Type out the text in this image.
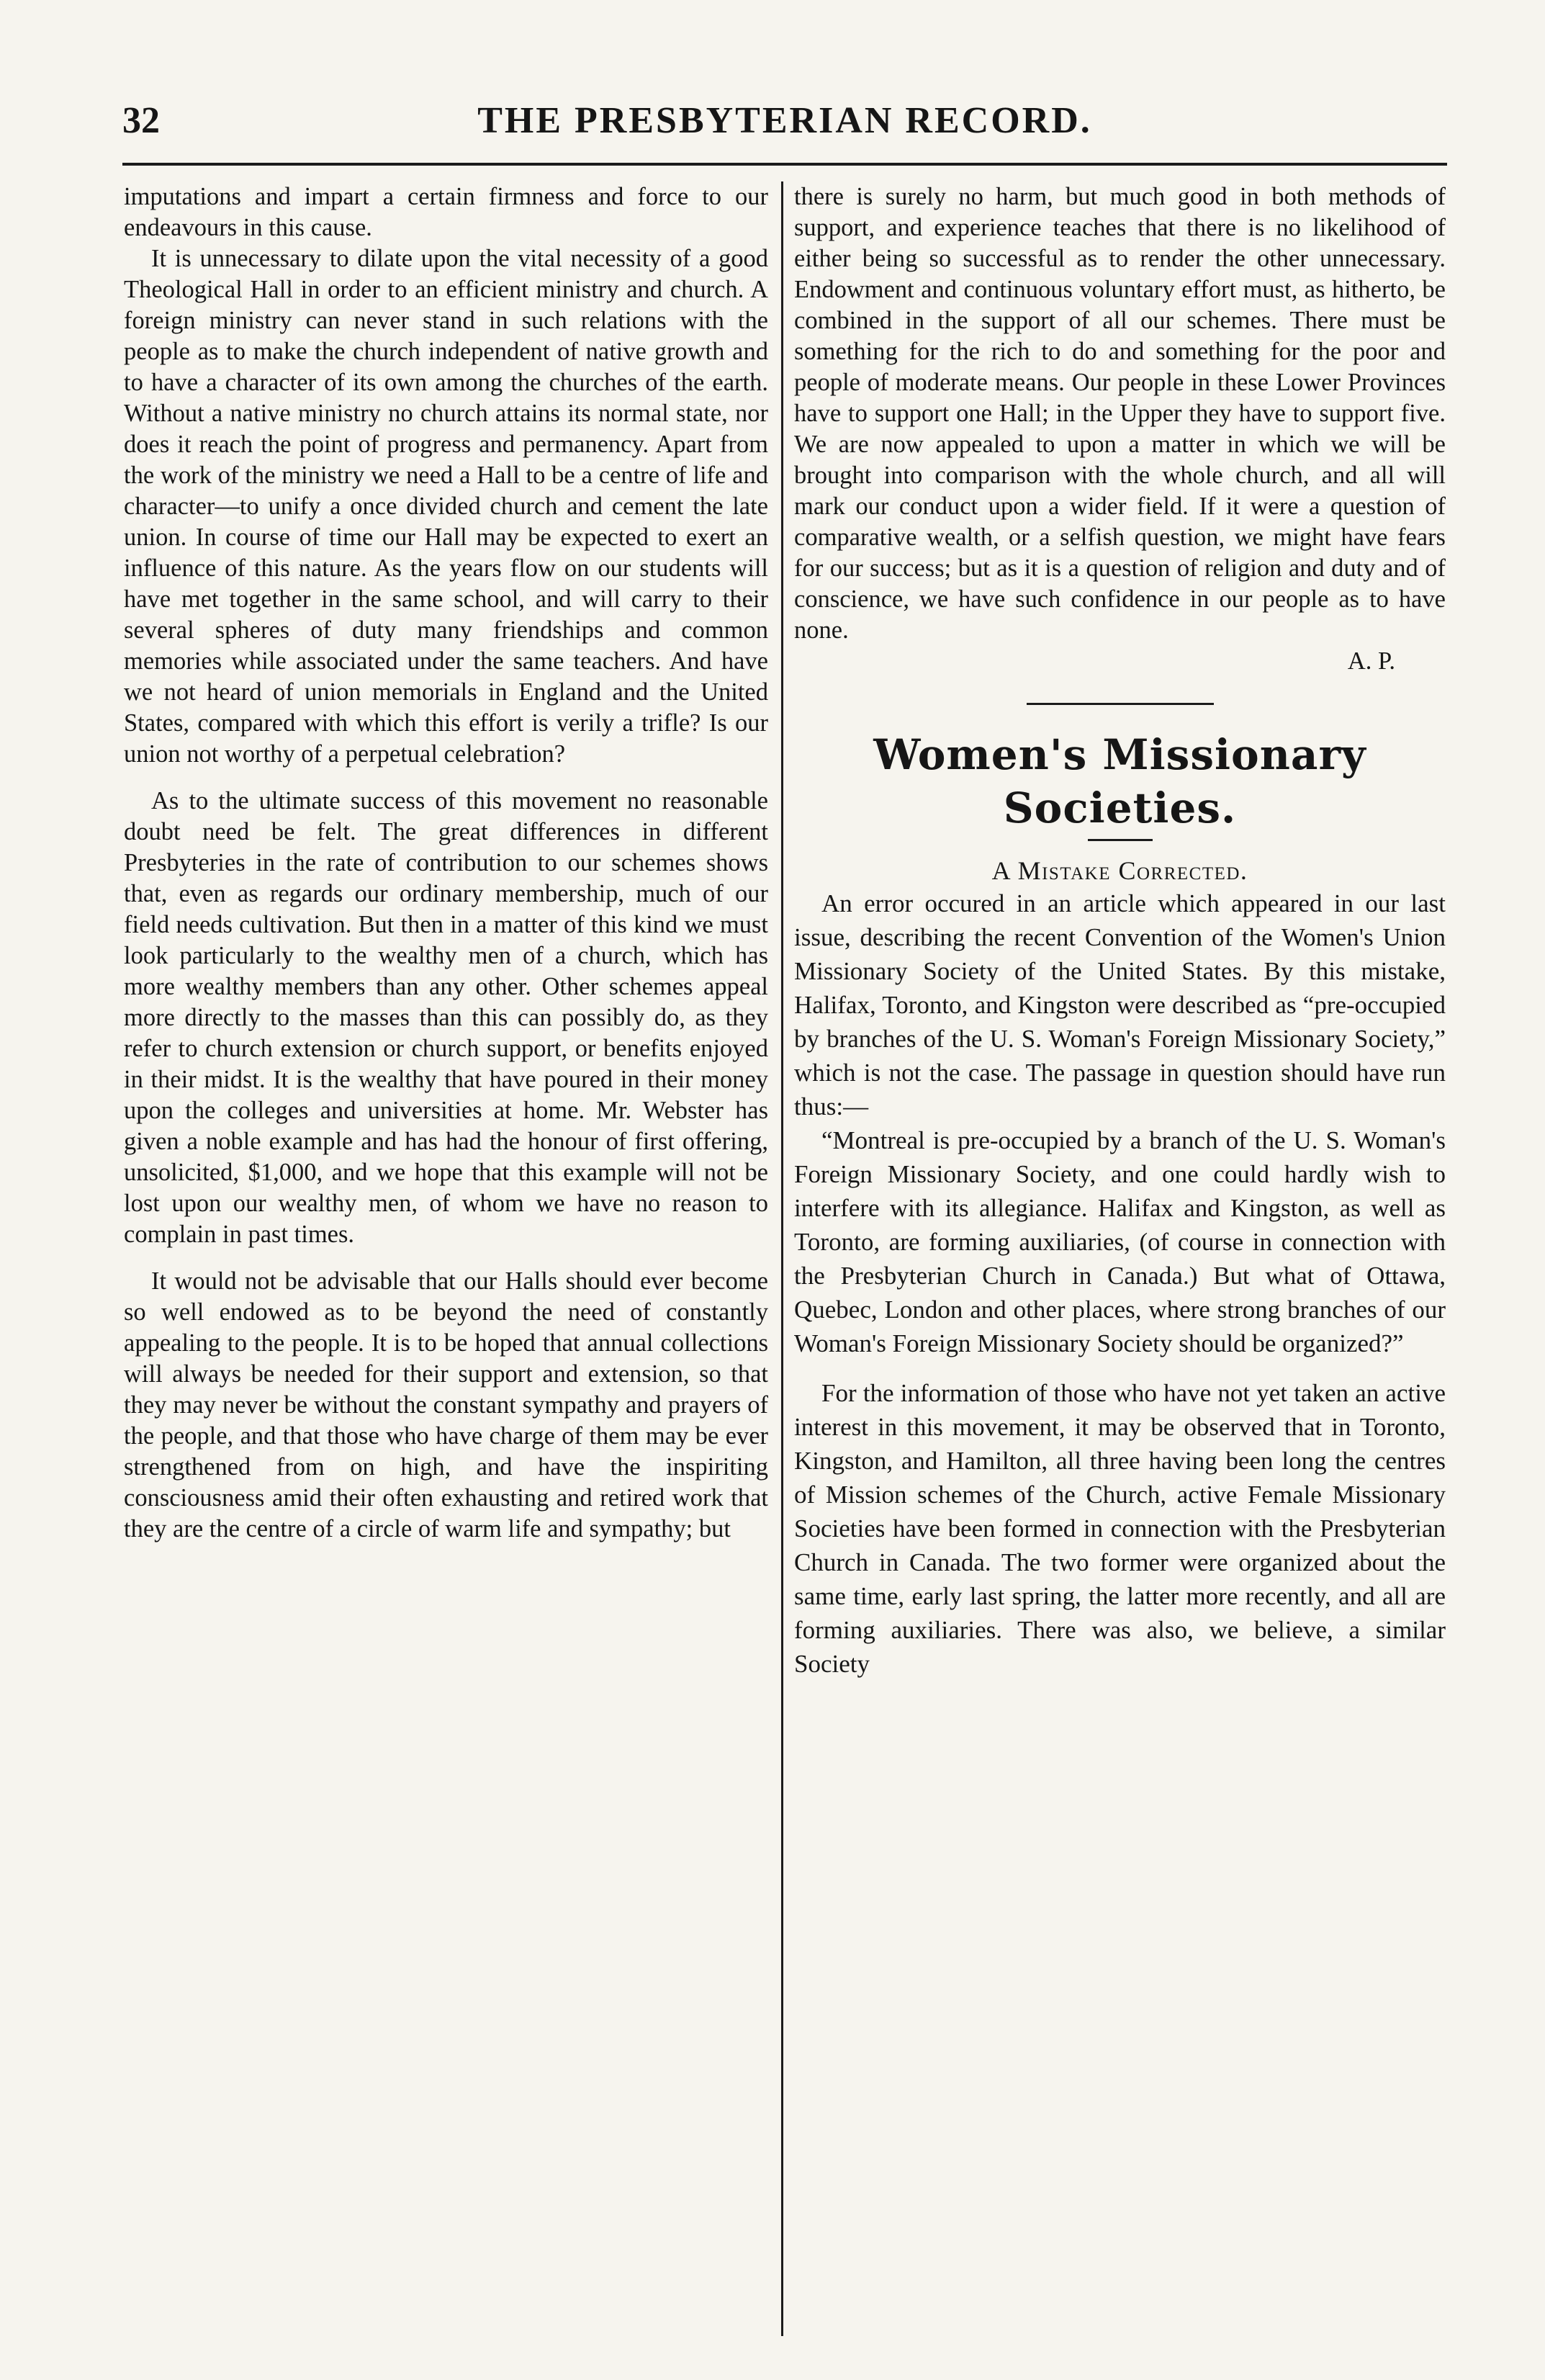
32	THE PRESBYTERIAN RECORD.

imputations and impart a certain firmness and force to our endeavours in this cause.

It is unnecessary to dilate upon the vital necessity of a good Theological Hall in order to an efficient ministry and church. A foreign ministry can never stand in such relations with the people as to make the church independent of native growth and to have a character of its own among the churches of the earth. Without a native ministry no church attains its normal state, nor does it reach the point of progress and permanency. Apart from the work of the ministry we need a Hall to be a centre of life and character—to unify a once divided church and cement the late union. In course of time our Hall may be expected to exert an influence of this nature. As the years flow on our students will have met together in the same school, and will carry to their several spheres of duty many friendships and common memories while associated under the same teachers. And have we not heard of union memorials in England and the United States, compared with which this effort is verily a trifle? Is our union not worthy of a perpetual celebration?

As to the ultimate success of this movement no reasonable doubt need be felt. The great differences in different Presbyteries in the rate of contribution to our schemes shows that, even as regards our ordinary membership, much of our field needs cultivation. But then in a matter of this kind we must look particularly to the wealthy men of a church, which has more wealthy members than any other. Other schemes appeal more directly to the masses than this can possibly do, as they refer to church extension or church support, or benefits enjoyed in their midst. It is the wealthy that have poured in their money upon the colleges and universities at home. Mr. Webster has given a noble example and has had the honour of first offering, unsolicited, $1,000, and we hope that this example will not be lost upon our wealthy men, of whom we have no reason to complain in past times.

It would not be advisable that our Halls should ever become so well endowed as to be beyond the need of constantly appealing to the people. It is to be hoped that annual collections will always be needed for their support and extension, so that they may never be without the constant sympathy and prayers of the people, and that those who have charge of them may be ever strengthened from on high, and have the inspiriting consciousness amid their often exhausting and retired work that they are the centre of a circle of warm life and sympathy; but

there is surely no harm, but much good in both methods of support, and experience teaches that there is no likelihood of either being so successful as to render the other unnecessary. Endowment and continuous voluntary effort must, as hitherto, be combined in the support of all our schemes. There must be something for the rich to do and something for the poor and people of moderate means. Our people in these Lower Provinces have to support one Hall; in the Upper they have to support five. We are now appealed to upon a matter in which we will be brought into comparison with the whole church, and all will mark our conduct upon a wider field. If it were a question of comparative wealth, or a selfish question, we might have fears for our success; but as it is a question of religion and duty and of conscience, we have such confidence in our people as to have none.

A. P.

Women's Missionary Societies.

A Mistake Corrected.

An error occured in an article which appeared in our last issue, describing the recent Convention of the Women's Union Missionary Society of the United States. By this mistake, Halifax, Toronto, and Kingston were described as “pre-occupied by branches of the U. S. Woman's Foreign Missionary Society,” which is not the case. The passage in question should have run thus:—

“Montreal is pre-occupied by a branch of the U. S. Woman's Foreign Missionary Society, and one could hardly wish to interfere with its allegiance. Halifax and Kingston, as well as Toronto, are forming auxiliaries, (of course in connection with the Presbyterian Church in Canada.) But what of Ottawa, Quebec, London and other places, where strong branches of our Woman's Foreign Missionary Society should be organized?”

For the information of those who have not yet taken an active interest in this movement, it may be observed that in Toronto, Kingston, and Hamilton, all three having been long the centres of Mission schemes of the Church, active Female Missionary Societies have been formed in connection with the Presbyterian Church in Canada. The two former were organized about the same time, early last spring, the latter more recently, and all are forming auxiliaries. There was also, we believe, a similar Society
